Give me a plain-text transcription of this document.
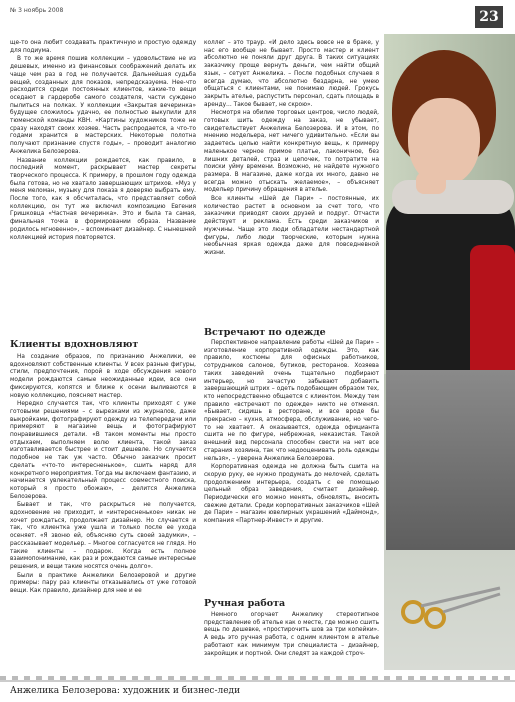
№ 3 ноябрь 2008	23

ще-то она любит создавать практичную и простую одежду для подиума.

В то же время пошив коллекции – удовольствие не из дешевых, именно из финансовых соображений делать их чаще чем раз в год не получается. Дальнейшая судьба вещей, созданных для показов, непредсказуема. Нее-что расходится среди постоянных клиентов, какие-то вещи оседают в гардеробе самого создателя, части суждено пылиться на полках. У коллекции «Закрытая вечеринка» будущее сложилось удачно, ее полностью выкупили для тюменской команды КВН. «Картины художников тоже не сразу находят своих хозяев. Часть распродается, а что-то годами хранится в мастерских. Некоторые полотна получают признание спустя годы», – проводит аналогию Анжелика Белозерова.

Название коллекции рождается, как правило, в последний момент, раскрывает мастер секреты творческого процесса. К примеру, в прошлом году одежда была готова, но не хватало завершающих штрихов. «Муз у меня меломан, музыку для показа я доверяю выбрать ему. После того, как я обсчиталась, что представляет собой коллекцию, он тут же включил композицию Евгения Гришковца «Частная вечеринка». Это и была та самая, финальная точка в формировании образа. Название родилось мгновенно», – вспоминает дизайнер. С нынешней коллекцией история повторяется.

Клиенты вдохновляют

На создание образов, по признанию Анжелики, ее вдохновляют собственные клиенты. У всех разные фигуры, стили, предпочтения, порой в ходе обсуждения нового модели рождаются самые неожиданные идеи, все они фиксируются, копятся и ближе к осени выливаются в новую коллекцию, поясняет мастер.

Нередко случается так, что клиенты приходят с уже готовыми решениями – с вырезками из журналов, даже выкройками, фотографируют одежду из телепередачи или примеряют в магазине вещь и фотографируют понравившиеся детали. «В таком моменты мы просто отдыхаем, выполняем волю клиента, такой заказ изготавливается быстрее и стоит дешевле. Но случается подобное не так уж часто. Обычно заказчик просит сделать «что-то интересненькое», сшить наряд для конкретного мероприятия. Тогда мы включаем фантазию, и начинается увлекательный процесс совместного поиска, который я просто обожаю», – делится Анжелика Белозерова.

Бывает и так, что раскрыться не получается, вдохновение не приходит, и «интересненькое» никак не хочет рождаться, продолжает дизайнер. Но случается и так, что клиентка уже ушла и только после ее ухода осеняет. «Я звоню ей, объясняю суть своей задумки», – рассказывает модельер. – Многое согласуется не глядя. Но такие клиенты – подарок. Когда есть полное взаимопонимание, как раз и рождаются самые интересные решения, и вещи такие носятся очень долго».

Были в практике Анжелики Белозеровой и другие примеры: пару раз клиенты отказывались от уже готовой вещи. Как правило, дизайнер для нее и ее

коллег – это траур. «И дело здесь вовсе не в браке, у нас его вообще не бывает. Просто мастер и клиент абсолютно не поняли друг друга. В таких ситуациях заказчику проще вернуть деньги, чем найти общий язык, – сетует Анжелика. – После подобных случаев я всегда думаю, что абсолютно бездарна, не умею общаться с клиентами, не понимаю людей. Грокусь закрыть ателье, распустить персонал, сдать площадь в аренду… Такое бывает, не скрою».

Несмотря на обилие торговых центров, число людей, готовых шить одежду на заказ, не убывает, свидетельствует Анжелика Белозерова. И в этом, по мнению модельера, нет ничего удивительно. «Если вы задаетесь целью найти конкретную вещь, к примеру маленькое черное примое платье, лаконичное, без лишних деталей, страз и цепочек, то потратите на поиски уйму времени. Возможно, не найдете нужного размера. В магазине, даже когда их много, давно не всегда можно отыскать желаемое», – объясняет модельер причину обращения в ателье.

Все клиенты «Шей де Пари» – постоянные, их количество растет в основном за счет того, что заказчики приводят своих друзей и подруг. Отчасти действует и реклама. Есть среди заказчиков и мужчины. Чаще это люди обладатели нестандартной фигуры, либо люди творческие, которым нужна необычная яркая одежда даже для повседневной жизни.

Встречают по одежде

Перспективное направление работы «Шей де Пари» – изготовление корпоративной одежды. Это, как правило, костюмы для офисных работников, сотрудников салонов, бутиков, ресторанов. Хозяева таких заведений очень тщательно подбирают интерьер, но зачастую забывают добавить завершающий штрих – одеть подобающим образом тех, кто непосредственно общается с клиентом. Между тем правило «встречают по одежде» никто не отменял. «Бывает, сидишь в ресторане, и все вроде бы прекрасно – кухня, атмосфера, обслуживание, но чего-то не хватает. А оказывается, одежда официанта сшита не по фигуре, небрежная, неказистая. Такой внешний вид персонала способен свести на нет все старания хозяина, так что недооценивать роль одежды нельзя», – уверена Анжелика Белозерова.

Корпоративная одежда не должна быть сшита на скорую руку, ее нужно продумать до мелочей, сделать продолжением интерьера, создать с ее помощью цельный образ заведения, считает дизайнер. Периодически его можно менять, обновлять, вносить свежие детали. Среди корпоративных заказчиков «Шей де Пари» – магазин ювелирных украшений «Даймонд», компания «Партнер-Инвест» и другие.

Ручная работа

Немного огорчает Анжелику стереотипное представление об ателье как о месте, где можно сшить вещь по дешевке, «простирочить шов за три копейки». А ведь это ручная работа, с одним клиентом в ателье работают как минимум три специалиста – дизайнер, закройщик и портной. Они следят за каждой строч-

Анжелика Белозерова: художник и бизнес-леди
